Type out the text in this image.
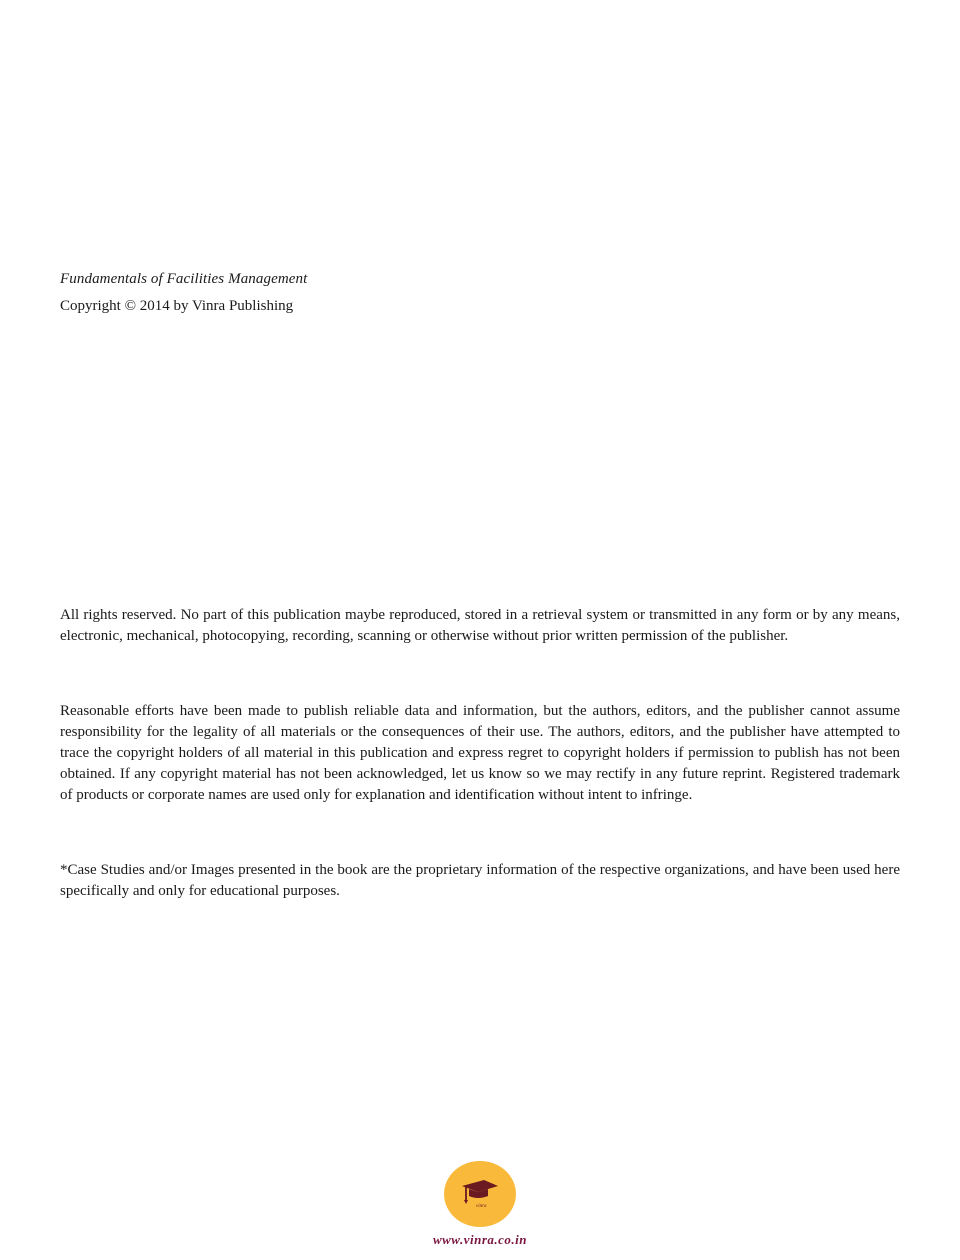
Fundamentals of Facilities Management
Copyright © 2014 by Vinra Publishing

All rights reserved. No part of this publication maybe reproduced, stored in a retrieval system or transmitted in any form or by any means, electronic, mechanical, photocopying, recording, scanning or otherwise without prior written permission of the publisher.

Reasonable efforts have been made to publish reliable data and information, but the authors, editors, and the publisher cannot assume responsibility for the legality of all materials or the consequences of their use. The authors, editors, and the publisher have attempted to trace the copyright holders of all material in this publication and express regret to copyright holders if permission to publish has not been obtained. If any copyright material has not been acknowledged, let us know so we may rectify in any future reprint. Registered trademark of products or corporate names are used only for explanation and identification without intent to infringe.

*Case Studies and/or Images presented in the book are the proprietary information of the respective organizations, and have been used here specifically and only for educational purposes.

vinra
www.vinra.co.in
